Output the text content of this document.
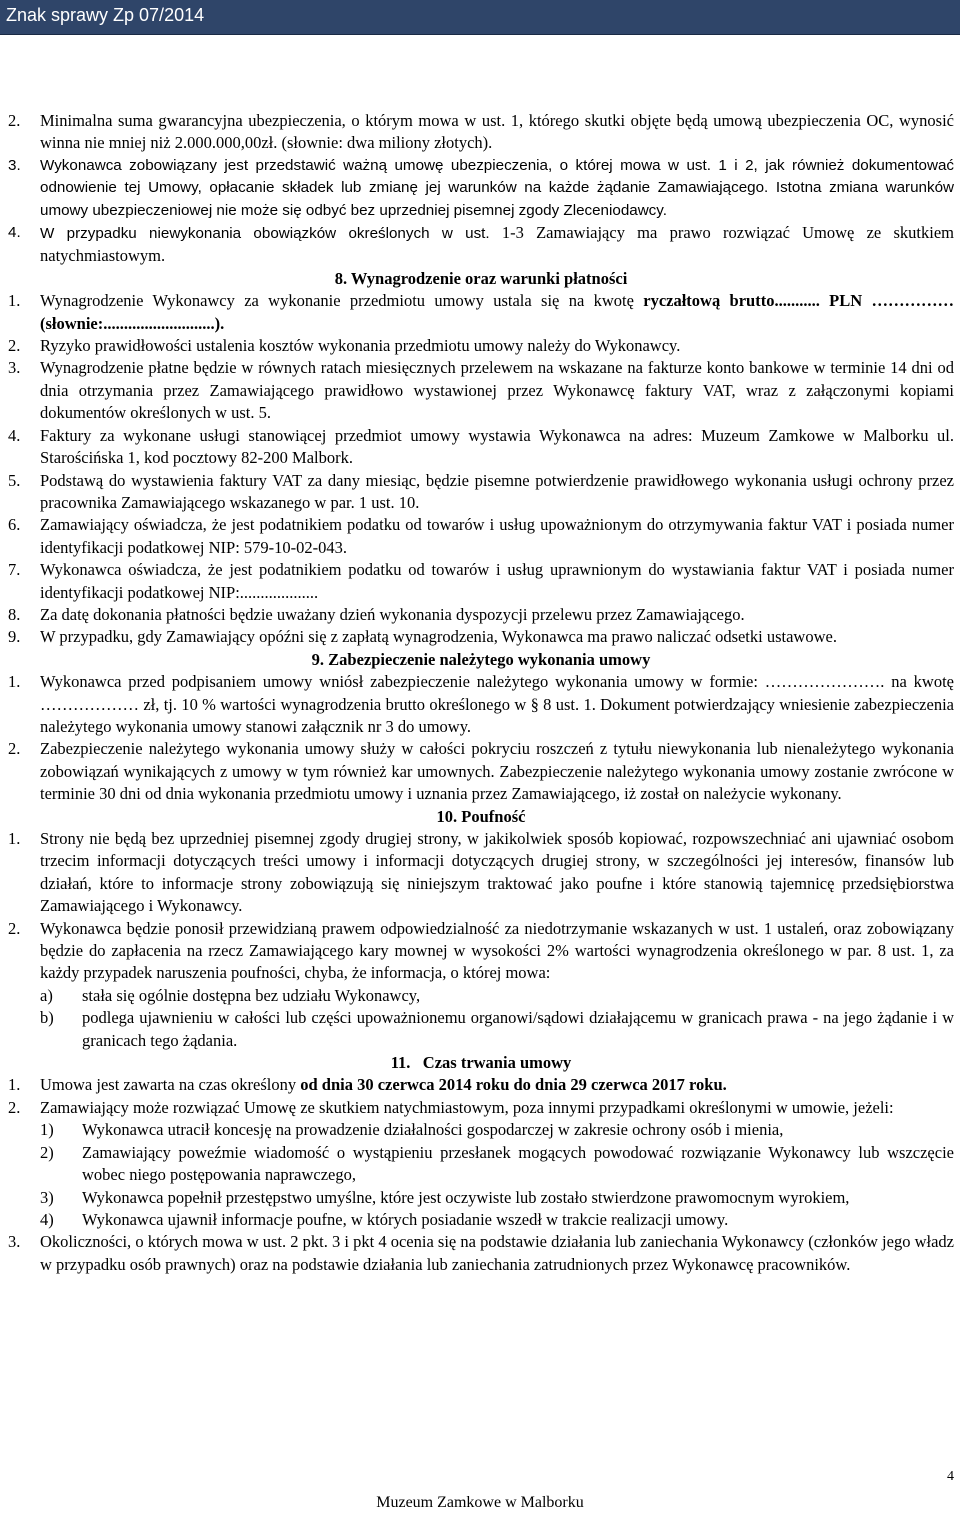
Znak sprawy Zp 07/2014
2.	Minimalna suma gwarancyjna ubezpieczenia, o którym mowa w ust. 1, którego skutki objęte będą umową ubezpieczenia OC, wynosić winna nie mniej niż 2.000.000,00zł. (słownie: dwa miliony złotych).
3.	Wykonawca zobowiązany jest przedstawić ważną umowę ubezpieczenia, o której mowa w ust. 1 i 2, jak również dokumentować odnowienie tej Umowy, opłacanie składek lub zmianę jej warunków na każde żądanie Zamawiającego. Istotna zmiana warunków umowy ubezpieczeniowej nie może się odbyć bez uprzedniej pisemnej zgody Zleceniodawcy.
4.	W przypadku niewykonania obowiązków określonych w ust. 1-3 Zamawiający ma prawo rozwiązać Umowę ze skutkiem natychmiastowym.
8. Wynagrodzenie oraz warunki płatności
1.	Wynagrodzenie Wykonawcy za wykonanie przedmiotu umowy ustala się na kwotę ryczałtową brutto........... PLN ……………(słownie:...........................).
2.	Ryzyko prawidłowości ustalenia kosztów wykonania przedmiotu umowy należy do Wykonawcy.
3.	Wynagrodzenie płatne będzie w równych ratach miesięcznych przelewem na wskazane na fakturze konto bankowe w terminie 14 dni od dnia otrzymania przez Zamawiającego prawidłowo wystawionej przez Wykonawcę faktury VAT, wraz z załączonymi kopiami dokumentów określonych w ust. 5.
4.	Faktury za wykonane usługi stanowiącej przedmiot umowy wystawia Wykonawca na adres: Muzeum Zamkowe w Malborku ul. Starościńska 1, kod pocztowy 82-200 Malbork.
5.	Podstawą do wystawienia faktury VAT za dany miesiąc, będzie pisemne potwierdzenie prawidłowego wykonania usługi ochrony przez pracownika Zamawiającego wskazanego w par. 1 ust. 10.
6.	Zamawiający oświadcza, że jest podatnikiem podatku od towarów i usług upoważnionym do otrzymywania faktur VAT i posiada numer identyfikacji podatkowej NIP: 579-10-02-043.
7.	Wykonawca oświadcza, że jest podatnikiem podatku od towarów i usług uprawnionym do wystawiania faktur VAT i posiada numer identyfikacji podatkowej NIP:...................
8.	Za datę dokonania płatności będzie uważany dzień wykonania dyspozycji przelewu przez Zamawiającego.
9.	W przypadku, gdy Zamawiający opóźni się z zapłatą wynagrodzenia, Wykonawca ma prawo naliczać odsetki ustawowe.
9. Zabezpieczenie należytego wykonania umowy
1.	Wykonawca przed podpisaniem umowy wniósł zabezpieczenie należytego wykonania umowy w formie: …………………. na kwotę ……………… zł, tj. 10 % wartości wynagrodzenia brutto określonego w § 8 ust. 1. Dokument potwierdzający wniesienie zabezpieczenia należytego wykonania umowy stanowi załącznik nr 3 do umowy.
2.	Zabezpieczenie należytego wykonania umowy służy w całości pokryciu roszczeń z tytułu niewykonania lub nienależytego wykonania zobowiązań wynikających z umowy w tym również kar umownych. Zabezpieczenie należytego wykonania umowy zostanie zwrócone w terminie 30 dni od dnia wykonania przedmiotu umowy i uznania przez Zamawiającego, iż został on należycie wykonany.
10. Poufność
1.	Strony nie będą bez uprzedniej pisemnej zgody drugiej strony, w jakikolwiek sposób kopiować, rozpowszechniać ani ujawniać osobom trzecim informacji dotyczących treści umowy i informacji dotyczących drugiej strony, w szczególności jej interesów, finansów lub działań, które to informacje strony zobowiązują się niniejszym traktować jako poufne i które stanowią tajemnicę przedsiębiorstwa Zamawiającego i Wykonawcy.
2.	Wykonawca będzie ponosił przewidzianą prawem odpowiedzialność za niedotrzymanie wskazanych w ust. 1 ustaleń, oraz zobowiązany będzie do zapłacenia na rzecz Zamawiającego kary mownej w wysokości 2% wartości wynagrodzenia określonego w par. 8 ust. 1, za każdy przypadek naruszenia poufności, chyba, że informacja, o której mowa:
a)	stała się ogólnie dostępna bez udziału Wykonawcy,
b)	podlega ujawnieniu w całości lub części upoważnionemu organowi/sądowi działającemu w granicach prawa - na jego żądanie i w granicach tego żądania.
11.   Czas trwania umowy
1.	Umowa jest zawarta na czas określony od dnia 30 czerwca 2014 roku do dnia 29 czerwca 2017 roku.
2.	Zamawiający może rozwiązać Umowę ze skutkiem natychmiastowym, poza innymi przypadkami określonymi w umowie, jeżeli:
1)	Wykonawca utracił koncesję na prowadzenie działalności gospodarczej w zakresie ochrony osób i mienia,
2)	Zamawiający poweźmie wiadomość o wystąpieniu przesłanek mogących powodować rozwiązanie Wykonawcy lub wszczęcie wobec niego postępowania naprawczego,
3)	Wykonawca popełnił przestępstwo umyślne, które jest oczywiste lub zostało stwierdzone prawomocnym wyrokiem,
4)	Wykonawca ujawnił informacje poufne, w których posiadanie wszedł w trakcie realizacji umowy.
3.	Okoliczności, o których mowa w ust. 2 pkt. 3 i pkt 4 ocenia się na podstawie działania lub zaniechania Wykonawcy (członków jego władz w przypadku osób prawnych) oraz na podstawie działania lub zaniechania zatrudnionych przez Wykonawcę pracowników.
4
Muzeum Zamkowe w Malborku
